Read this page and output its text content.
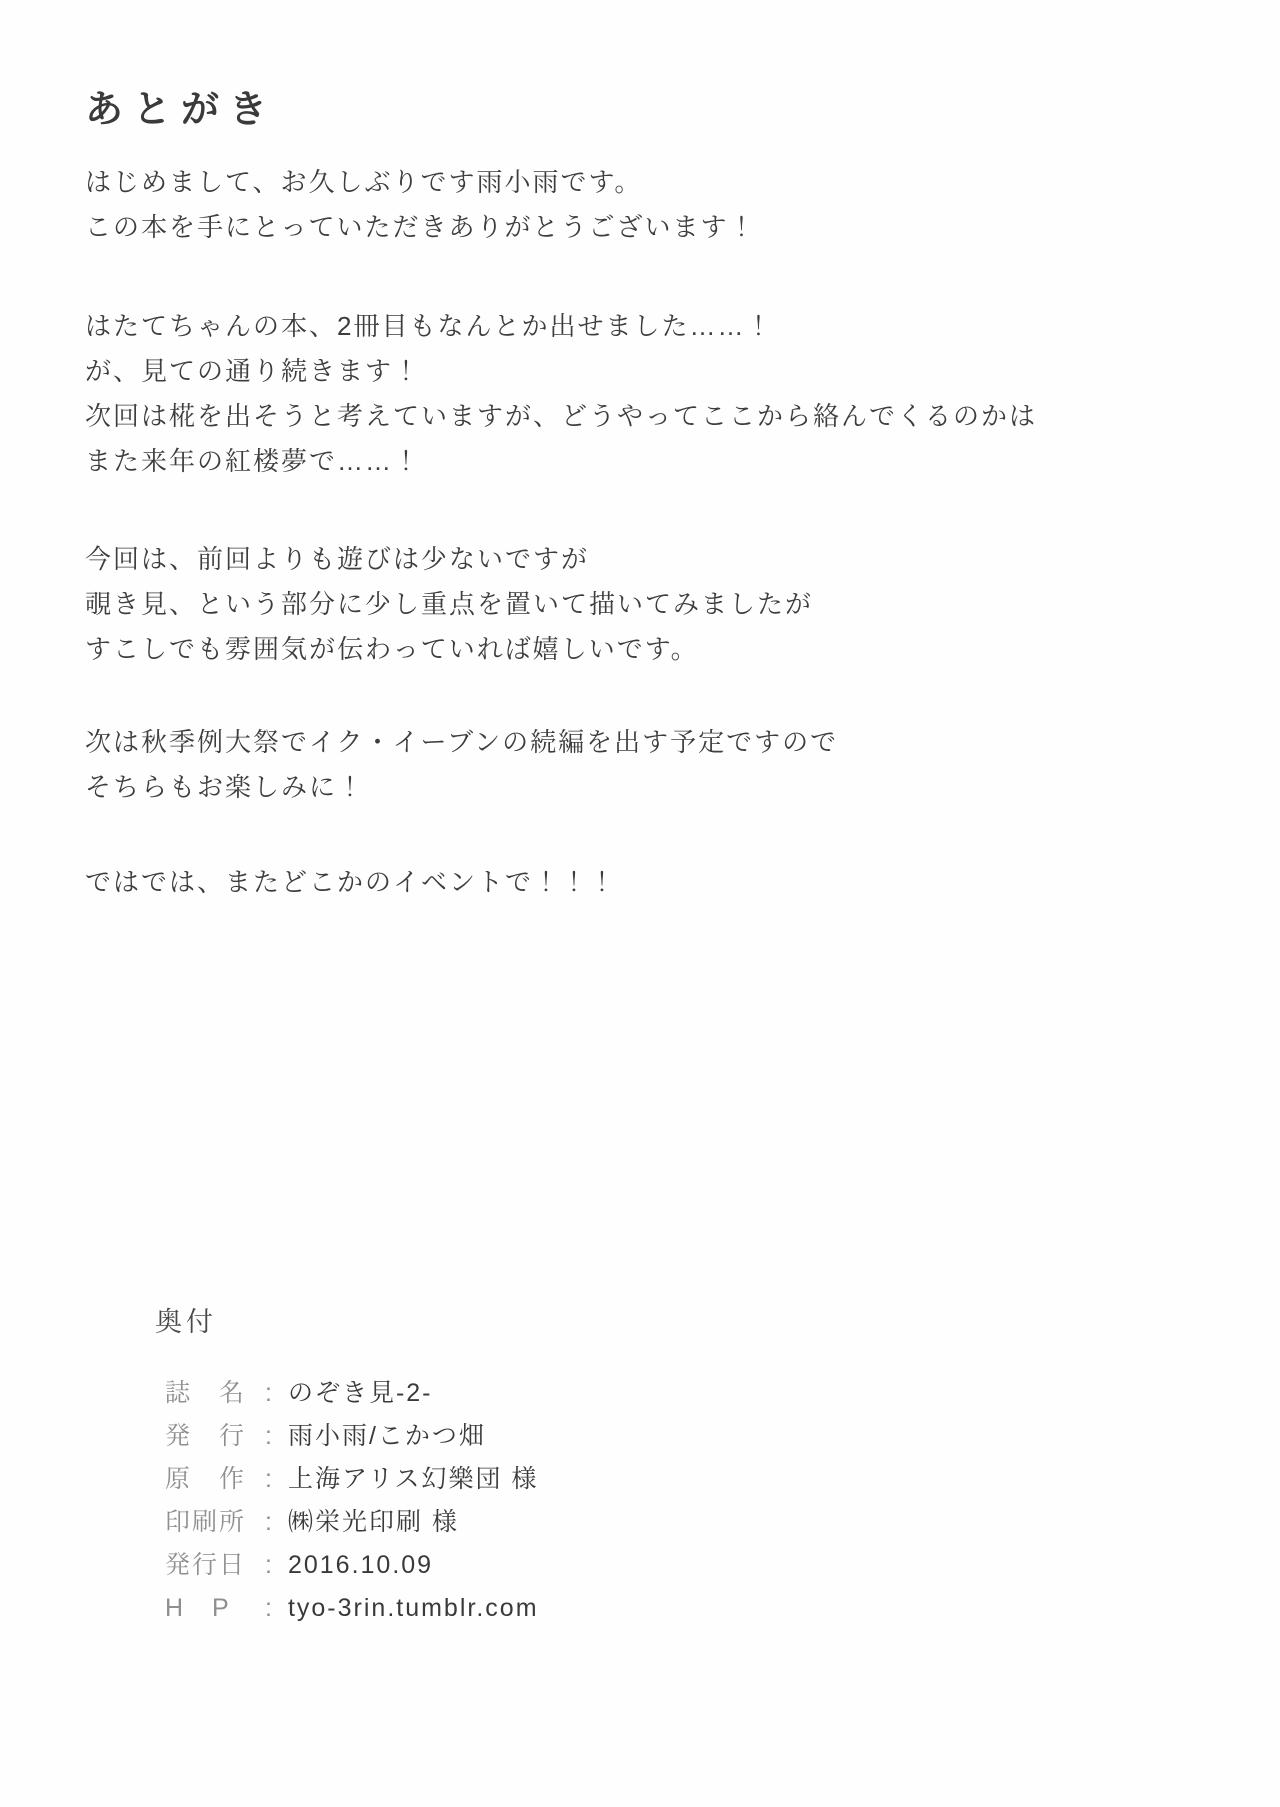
あとがき
はじめまして、お久しぶりです雨小雨です。
この本を手にとっていただきありがとうございます！
はたてちゃんの本、2冊目もなんとか出せました……！
が、見ての通り続きます！
次回は椛を出そうと考えていますが、どうやってここから絡んでくるのかは
また来年の紅楼夢で……！
今回は、前回よりも遊びは少ないですが
覗き見、という部分に少し重点を置いて描いてみましたが
すこしでも雰囲気が伝わっていれば嬉しいです。
次は秋季例大祭でイク・イーブンの続編を出す予定ですので
そちらもお楽しみに！
ではでは、またどこかのイベントで！！！
奥付
誌　名 : のぞき見-2-
発　行 : 雨小雨/こかつ畑
原　作 : 上海アリス幻樂団 様
印刷所 : ㈱栄光印刷 様
発行日 : 2016.10.09
H　P	: tyo-3rin.tumblr.com
